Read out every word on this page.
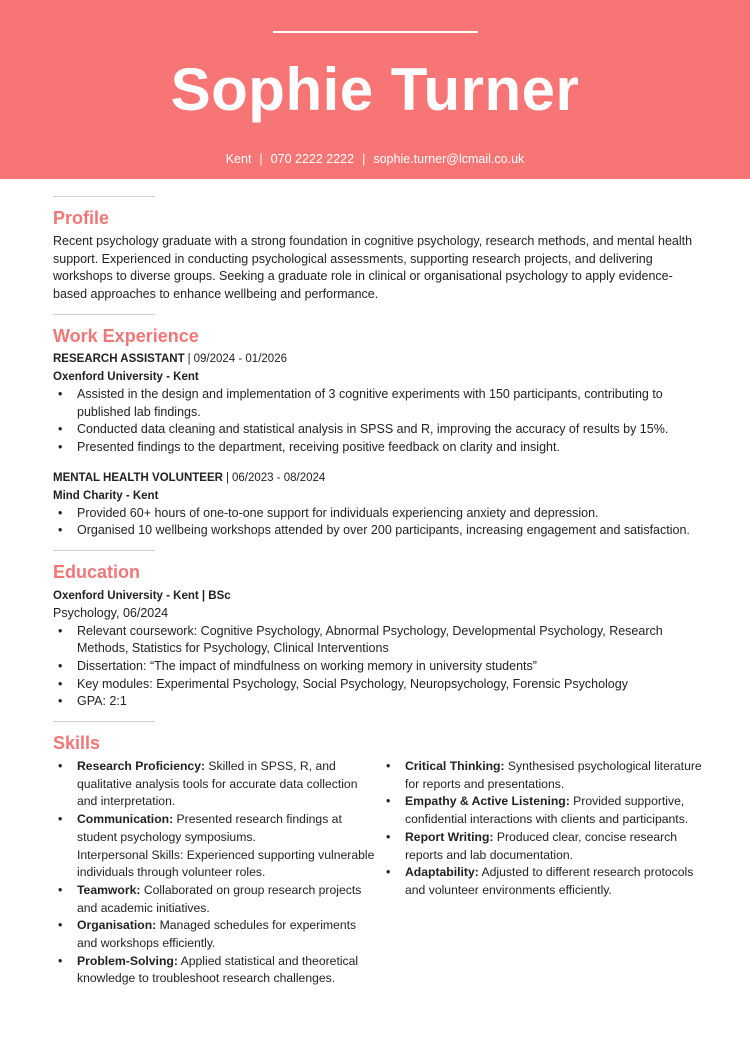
Sophie Turner
Kent | 070 2222 2222 | sophie.turner@lcmail.co.uk
Profile

Recent psychology graduate with a strong foundation in cognitive psychology, research methods, and mental health support. Experienced in conducting psychological assessments, supporting research projects, and delivering workshops to diverse groups. Seeking a graduate role in clinical or organisational psychology to apply evidence-based approaches to enhance wellbeing and performance.

Work Experience

RESEARCH ASSISTANT | 09/2024 - 01/2026

Oxenford University - Kent

• Assisted in the design and implementation of 3 cognitive experiments with 150 participants, contributing to published lab findings.
• Conducted data cleaning and statistical analysis in SPSS and R, improving the accuracy of results by 15%.
• Presented findings to the department, receiving positive feedback on clarity and insight.

MENTAL HEALTH VOLUNTEER | 06/2023 - 08/2024

Mind Charity - Kent

• Provided 60+ hours of one-to-one support for individuals experiencing anxiety and depression.
• Organised 10 wellbeing workshops attended by over 200 participants, increasing engagement and satisfaction.
Education

Oxenford University - Kent | BSc

Psychology, 06/2024

• Relevant coursework: Cognitive Psychology, Abnormal Psychology, Developmental Psychology, Research Methods, Statistics for Psychology, Clinical Interventions
• Dissertation: “The impact of mindfulness on working memory in university students”
• Key modules: Experimental Psychology, Social Psychology, Neuropsychology, Forensic Psychology
• GPA: 2:1
Skills
• Research Proficiency: Skilled in SPSS, R, and qualitative analysis tools for accurate data collection and interpretation.
• Communication: Presented research findings at student psychology symposiums.
Interpersonal Skills: Experienced supporting vulnerable individuals through volunteer roles.
• Teamwork: Collaborated on group research projects and academic initiatives.
• Organisation: Managed schedules for experiments and workshops efficiently.
• Problem-Solving: Applied statistical and theoretical knowledge to troubleshoot research challenges.
• Critical Thinking: Synthesised psychological literature for reports and presentations.
• Empathy & Active Listening: Provided supportive, confidential interactions with clients and participants.
• Report Writing: Produced clear, concise research reports and lab documentation.
• Adaptability: Adjusted to different research protocols and volunteer environments efficiently.
